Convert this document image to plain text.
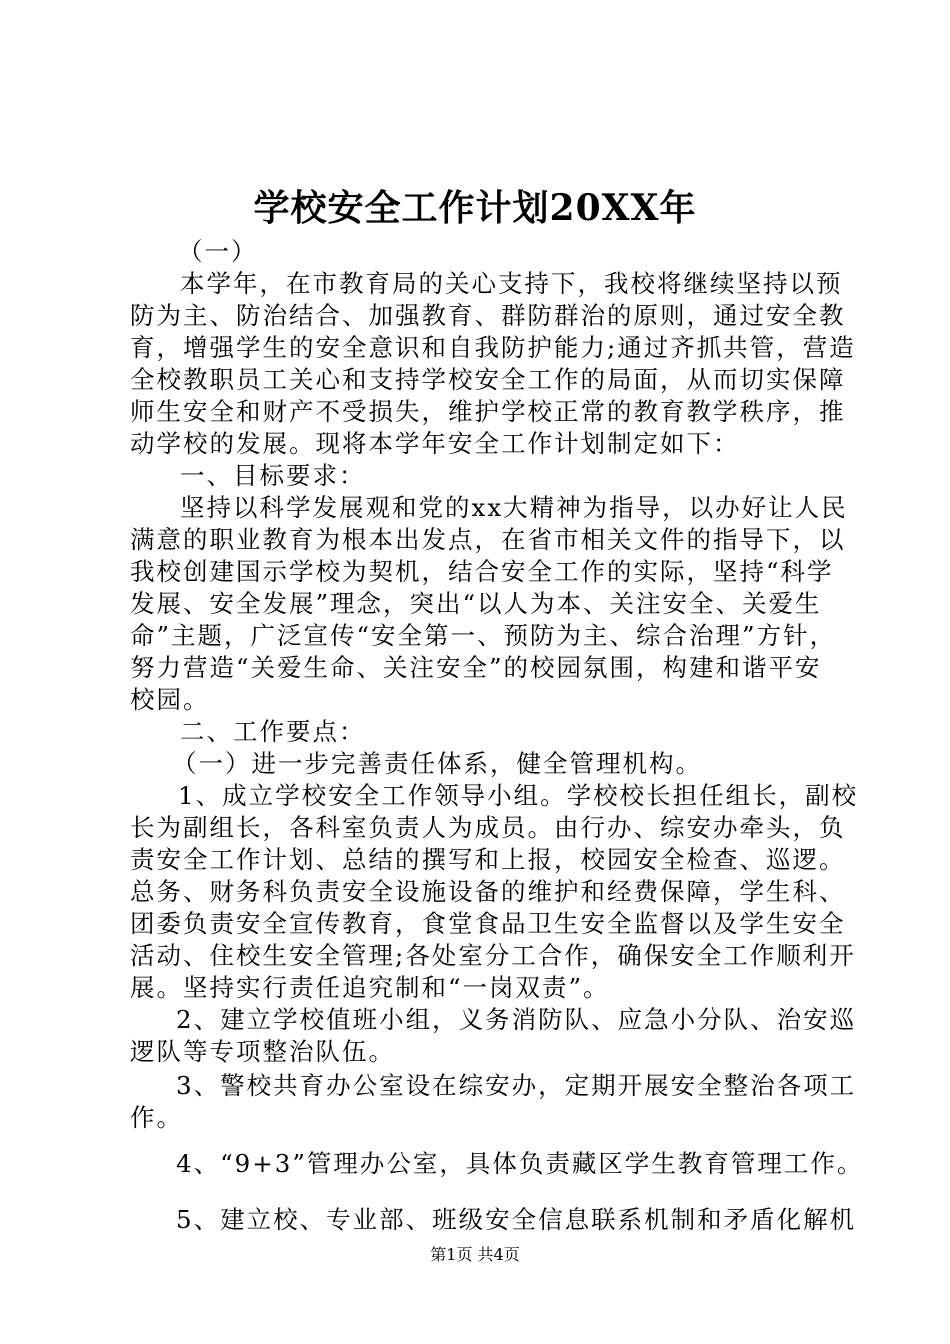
学校安全工作计划20XX年
（一）
本学年，在市教育局的关心支持下，我校将继续坚持以预
防为主、防治结合、加强教育、群防群治的原则，通过安全教
育，增强学生的安全意识和自我防护能力;通过齐抓共管，营造
全校教职员工关心和支持学校安全工作的局面，从而切实保障
师生安全和财产不受损失，维护学校正常的教育教学秩序，推
动学校的发展。现将本学年安全工作计划制定如下：
一、目标要求：
坚持以科学发展观和党的xx大精神为指导，以办好让人民
满意的职业教育为根本出发点，在省市相关文件的指导下，以
我校创建国示学校为契机，结合安全工作的实际，坚持“科学
发展、安全发展”理念，突出“以人为本、关注安全、关爱生
命”主题，广泛宣传“安全第一、预防为主、综合治理”方针，
努力营造“关爱生命、关注安全”的校园氛围，构建和谐平安
校园。
二、工作要点：
（一）进一步完善责任体系，健全管理机构。
1、成立学校安全工作领导小组。学校校长担任组长，副校
长为副组长，各科室负责人为成员。由行办、综安办牵头，负
责安全工作计划、总结的撰写和上报，校园安全检查、巡逻。
总务、财务科负责安全设施设备的维护和经费保障，学生科、
团委负责安全宣传教育，食堂食品卫生安全监督以及学生安全
活动、住校生安全管理;各处室分工合作，确保安全工作顺利开
展。坚持实行责任追究制和“一岗双责”。
2、建立学校值班小组，义务消防队、应急小分队、治安巡
逻队等专项整治队伍。
3、警校共育办公室设在综安办，定期开展安全整治各项工
作。
4、“9+3”管理办公室，具体负责藏区学生教育管理工作。
5、建立校、专业部、班级安全信息联系机制和矛盾化解机
第1页 共4页
